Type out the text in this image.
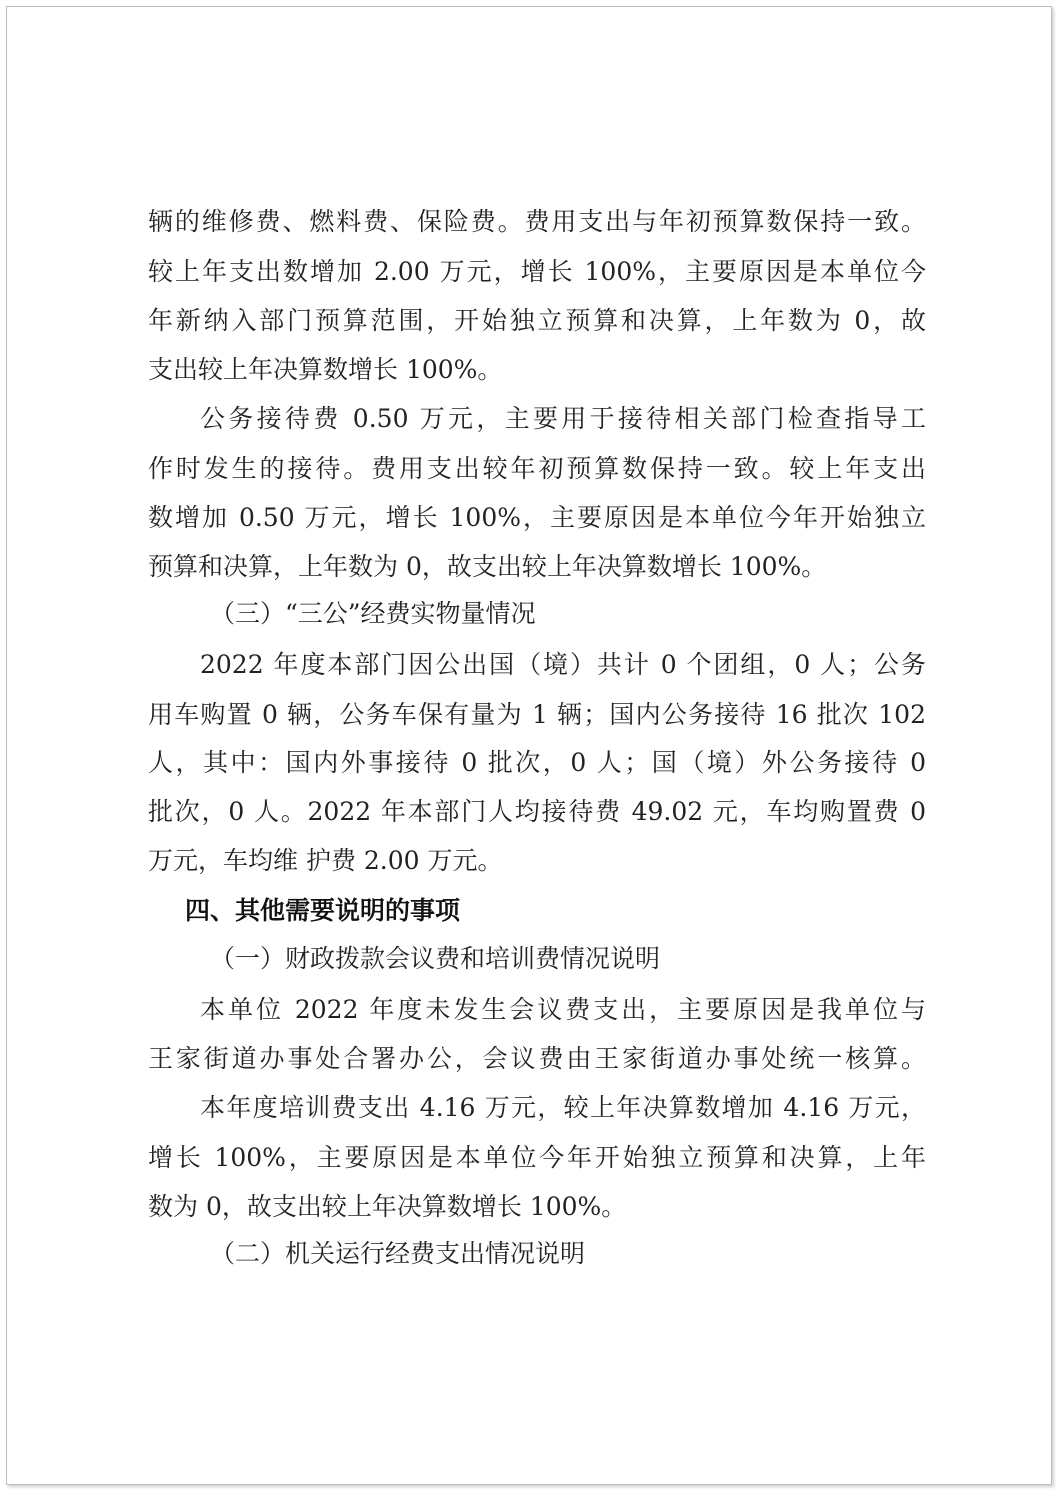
辆的维修费、燃料费、保险费。费用支出与年初预算数保持一致。
较上年支出数增加 2.00 万元，增长 100%，主要原因是本单位今
年新纳入部门预算范围，开始独立预算和决算，上年数为 0，故
支出较上年决算数增长 100%。
公务接待费 0.50 万元，主要用于接待相关部门检查指导工
作时发生的接待。费用支出较年初预算数保持一致。较上年支出
数增加 0.50 万元，增长 100%，主要原因是本单位今年开始独立
预算和决算，上年数为 0，故支出较上年决算数增长 100%。
（三）“三公”经费实物量情况
2022 年度本部门因公出国（境）共计 0 个团组，0 人；公务
用车购置 0 辆，公务车保有量为 1 辆；国内公务接待 16 批次 102
人，其中：国内外事接待 0 批次，0 人；国（境）外公务接待 0
批次，0 人。2022 年本部门人均接待费 49.02 元，车均购置费 0
万元，车均维 护费 2.00 万元。
四、其他需要说明的事项
（一）财政拨款会议费和培训费情况说明
本单位 2022 年度未发生会议费支出，主要原因是我单位与
王家街道办事处合署办公，会议费由王家街道办事处统一核算。
本年度培训费支出 4.16 万元，较上年决算数增加 4.16 万元，
增长 100%，主要原因是本单位今年开始独立预算和决算，上年
数为 0，故支出较上年决算数增长 100%。
（二）机关运行经费支出情况说明
